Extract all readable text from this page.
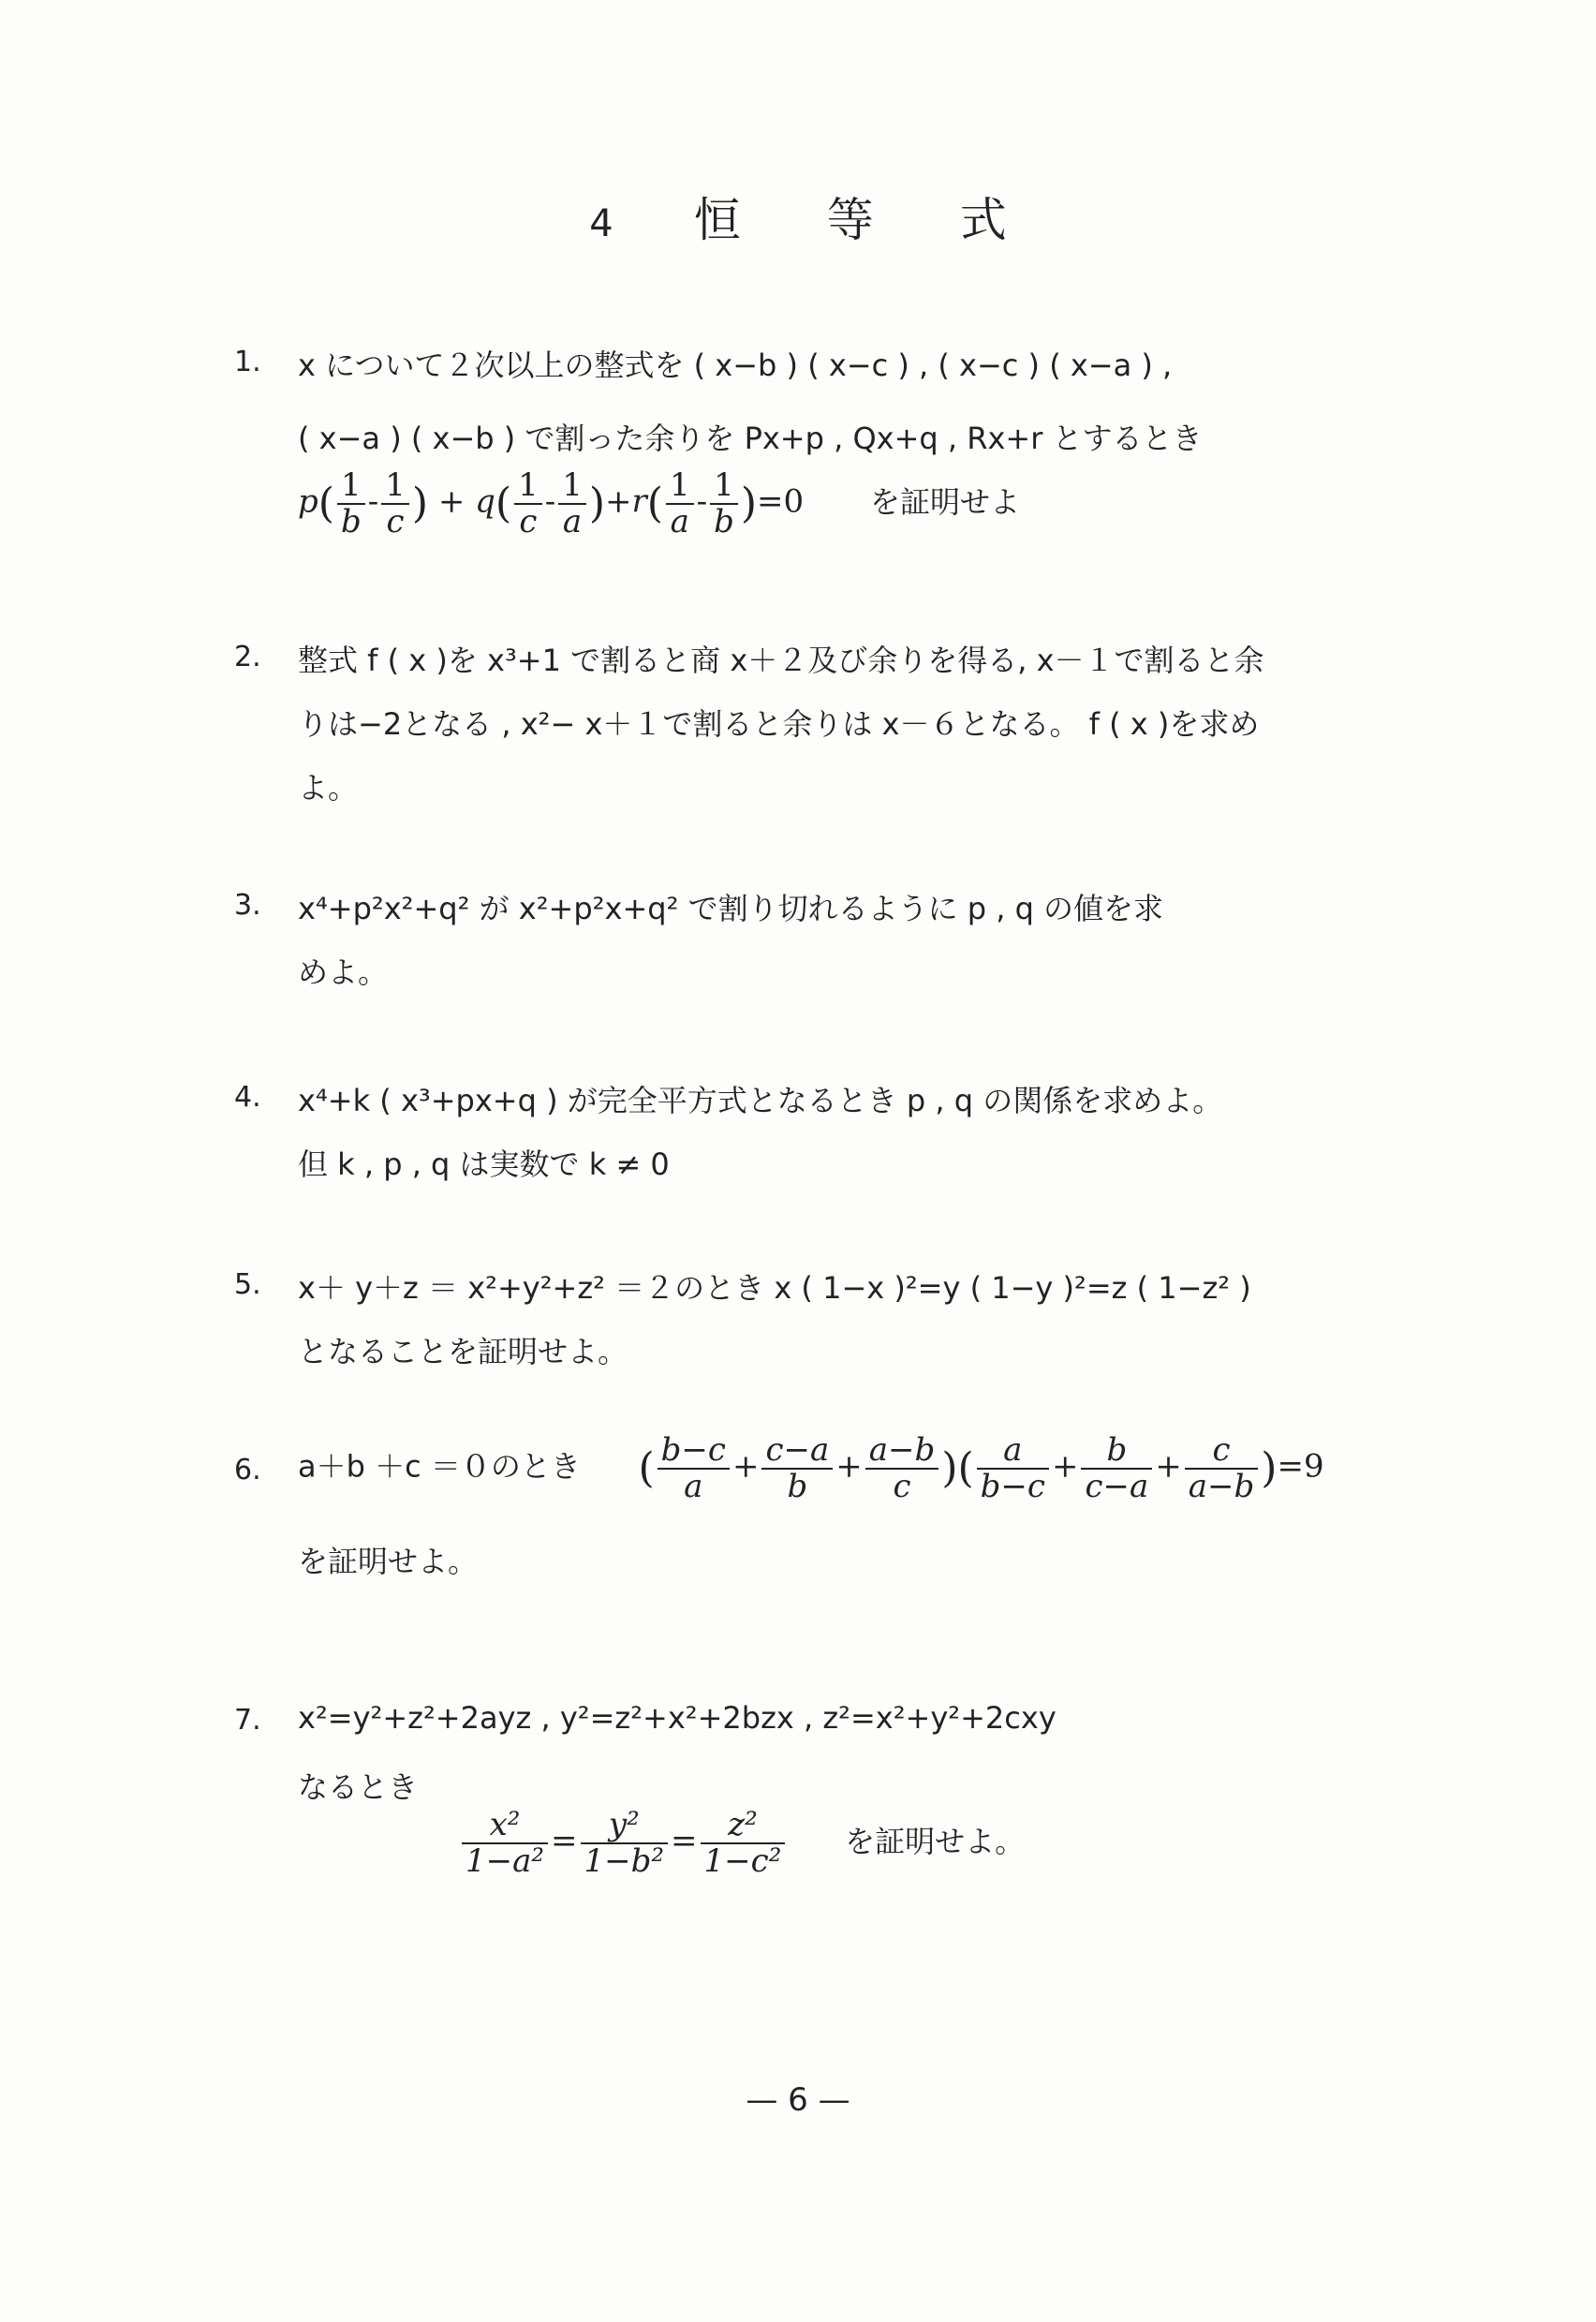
4 恒 等 式
1.	x について２次以上の整式を ( x−b ) ( x−c ) , ( x−c ) ( x−a ) ,
( x−a ) ( x−b ) で割った余りを Px+p , Qx+q , Rx+r とするとき
$p( \frac{1}{b} - \frac{1}{c}$ ) + $q( \frac{1}{c} - \frac{1}{a} )+r( \frac{1}{a} - \frac{1}{b} )=0$ を証明せよ
2.	整式 f ( x )を x³+1 で割ると商 x＋２及び余りを得る, x－１で割ると余
りは−2となる , x²− x＋１で割ると余りは x－６となる。 f ( x )を求め
よ。
3.	x⁴+p²x²+q² が x²+p²x+q² で割り切れるように p , q の値を求
めよ。
4.	x⁴+k ( x³+px+q ) が完全平方式となるとき p , q の関係を求めよ。
但 k , p , q は実数で k ≠ 0
5.	x＋ y＋z ＝ x²+y²+z² ＝２のとき x ( 1−x )²=y ( 1−y )²=z ( 1−z² )
となることを証明せよ。
6.	a＋b ＋c ＝０のとき ( $\frac{b-c}{a} + \frac{c-a}{b} + \frac{a-b}{c}$ )( $\frac{a}{b-c} + \frac{b}{c-a} + \frac{c}{a-b} )=9$
を証明せよ。
7.	x²=y²+z²+2ayz , y²=z²+x²+2bzx , z²=x²+y²+2cxy
なるとき
$\frac{\text{x²}}{\text{1−a²}} = \frac{\text{y²}}{\text{1−b²}} = \frac{\text{z²}}{\text{1−c²}}$ を証明せよ。
— 6 —
